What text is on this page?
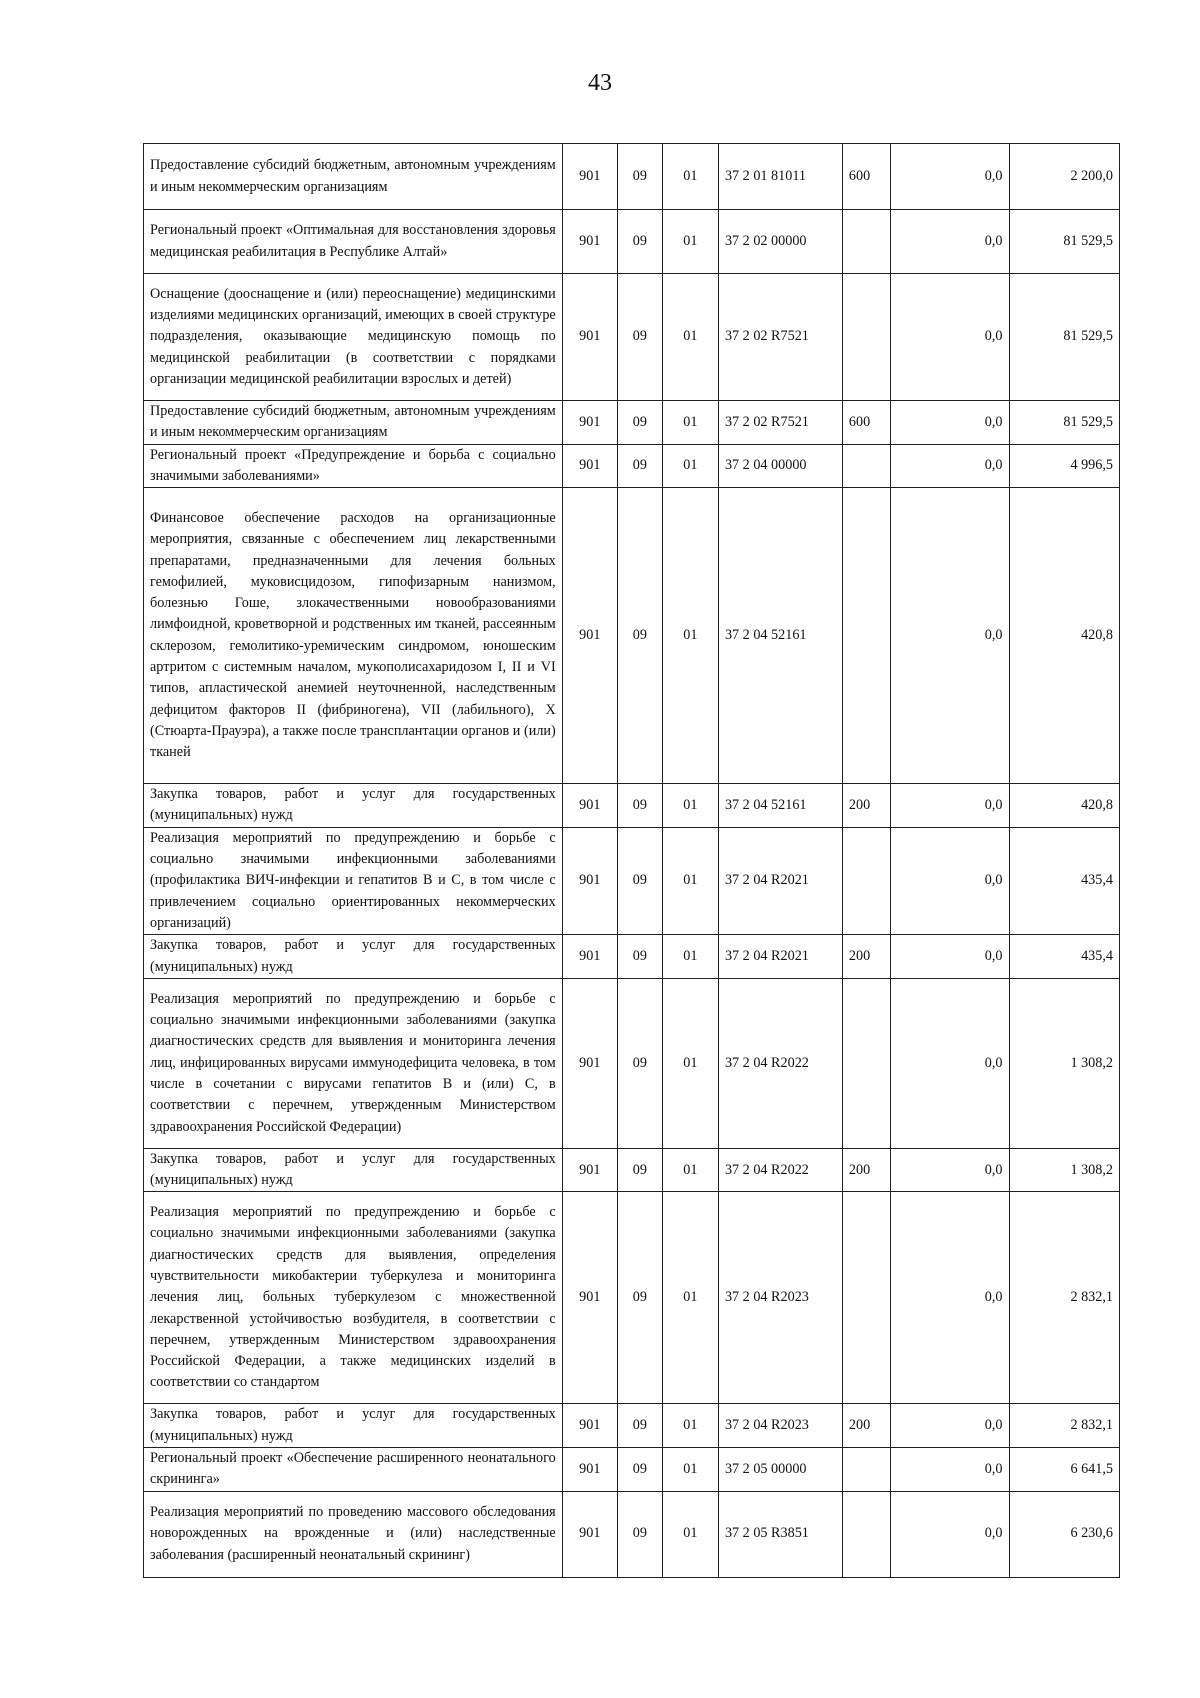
43
Предоставление субсидий бюджетным, автономным учреждениям и иным некоммерческим организациям	901	09	01	37 2 01 81011	600	0,0	2 200,0
Региональный проект «Оптимальная для восстановления здоровья медицинская реабилитация в Республике Алтай»	901	09	01	37 2 02 00000		0,0	81 529,5
Оснащение (дооснащение и (или) переоснащение) медицинскими изделиями медицинских организаций, имеющих в своей структуре подразделения, оказывающие медицинскую помощь по медицинской реабилитации (в соответствии с порядками организации медицинской реабилитации взрослых и детей)	901	09	01	37 2 02 R7521		0,0	81 529,5
Предоставление субсидий бюджетным, автономным учреждениям и иным некоммерческим организациям	901	09	01	37 2 02 R7521	600	0,0	81 529,5
Региональный проект «Предупреждение и борьба с социально значимыми заболеваниями»	901	09	01	37 2 04 00000		0,0	4 996,5
Финансовое обеспечение расходов на организационные мероприятия, связанные с обеспечением лиц лекарственными препаратами, предназначенными для лечения больных гемофилией, муковисцидозом, гипофизарным нанизмом, болезнью Гоше, злокачественными новообразованиями лимфоидной, кроветворной и родственных им тканей, рассеянным склерозом, гемолитико-уремическим синдромом, юношеским артритом с системным началом, мукополисахаридозом I, II и VI типов, апластической анемией неуточненной, наследственным дефицитом факторов II (фибриногена), VII (лабильного), X (Стюарта-Прауэра), а также после трансплантации органов и (или) тканей	901	09	01	37 2 04 52161		0,0	420,8
Закупка товаров, работ и услуг для государственных (муниципальных) нужд	901	09	01	37 2 04 52161	200	0,0	420,8
Реализация мероприятий по предупреждению и борьбе с социально значимыми инфекционными заболеваниями (профилактика ВИЧ-инфекции и гепатитов B и C, в том числе с привлечением социально ориентированных некоммерческих организаций)	901	09	01	37 2 04 R2021		0,0	435,4
Закупка товаров, работ и услуг для государственных (муниципальных) нужд	901	09	01	37 2 04 R2021	200	0,0	435,4
Реализация мероприятий по предупреждению и борьбе с социально значимыми инфекционными заболеваниями (закупка диагностических средств для выявления и мониторинга лечения лиц, инфицированных вирусами иммунодефицита человека, в том числе в сочетании с вирусами гепатитов B и (или) C, в соответствии с перечнем, утвержденным Министерством здравоохранения Российской Федерации)	901	09	01	37 2 04 R2022		0,0	1 308,2
Закупка товаров, работ и услуг для государственных (муниципальных) нужд	901	09	01	37 2 04 R2022	200	0,0	1 308,2
Реализация мероприятий по предупреждению и борьбе с социально значимыми инфекционными заболеваниями (закупка диагностических средств для выявления, определения чувствительности микобактерии туберкулеза и мониторинга лечения лиц, больных туберкулезом с множественной лекарственной устойчивостью возбудителя, в соответствии с перечнем, утвержденным Министерством здравоохранения Российской Федерации, а также медицинских изделий в соответствии со стандартом	901	09	01	37 2 04 R2023		0,0	2 832,1
Закупка товаров, работ и услуг для государственных (муниципальных) нужд	901	09	01	37 2 04 R2023	200	0,0	2 832,1
Региональный проект «Обеспечение расширенного неонатального скрининга»	901	09	01	37 2 05 00000		0,0	6 641,5
Реализация мероприятий по проведению массового обследования новорожденных на врожденные и (или) наследственные заболевания (расширенный неонатальный скрининг)	901	09	01	37 2 05 R3851		0,0	6 230,6
